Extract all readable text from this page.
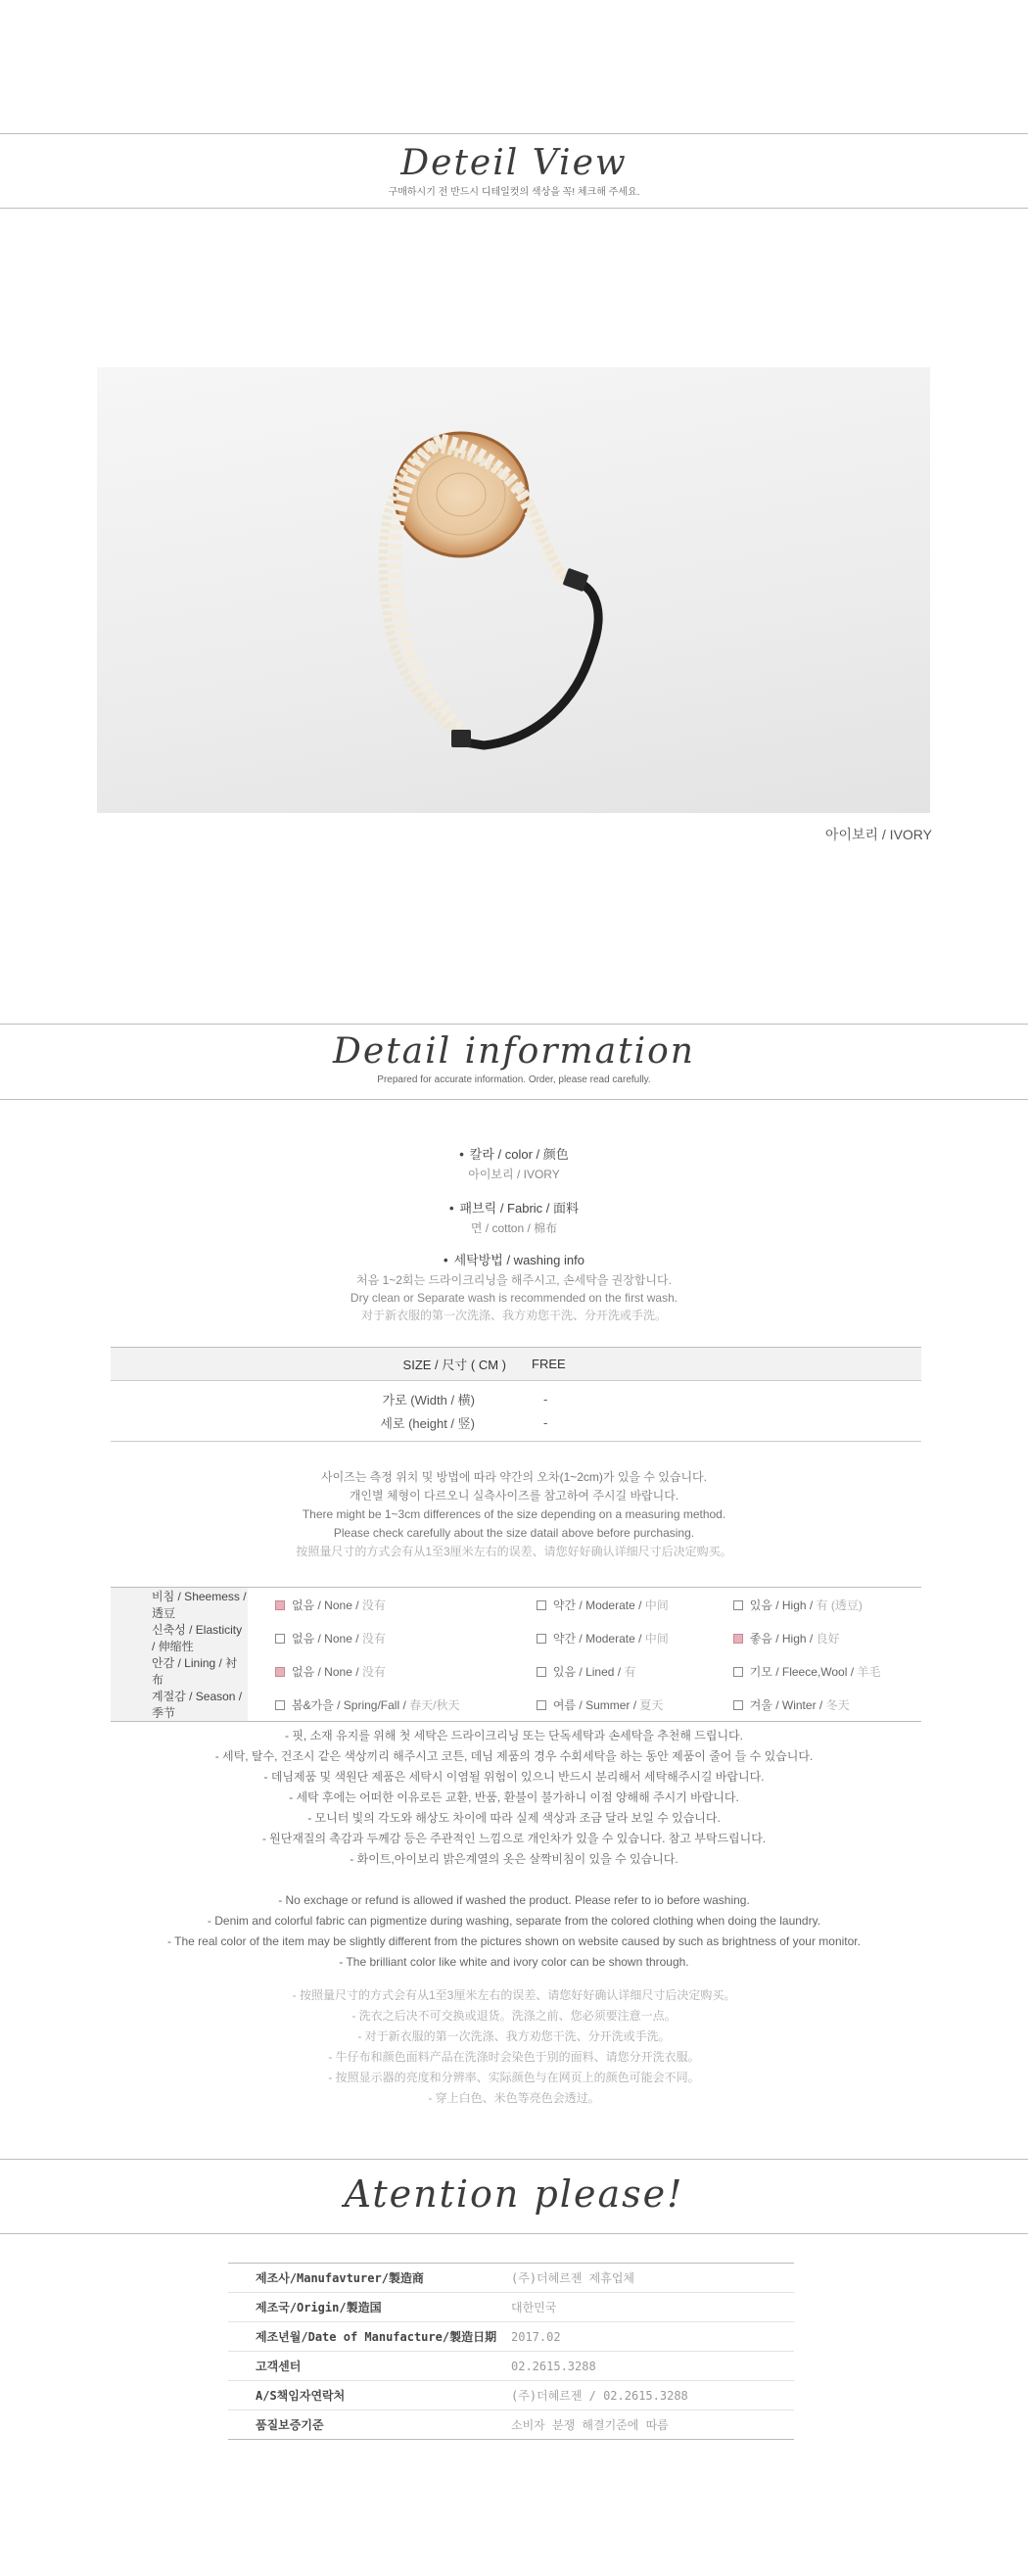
Deteil View
구매하시기 전 반드시 디테일컷의 색상을 꼭! 체크해 주세요.
아이보리 / IVORY
Detail information
Prepared for accurate information. Order, please read carefully.
• 칼라 / color / 颜色
아이보리 / IVORY
• 패브릭 / Fabric / 面料
면 / cotton / 棉布
• 세탁방법 / washing info
처음 1~2회는 드라이크리닝을 해주시고, 손세탁을 권장합니다.
Dry clean or Separate wash is recommended on the first wash.
对于新衣服的第一次洗涤、我方劝您干洗、分开洗或手洗。
SIZE / 尺寸 ( CM )	FREE
가로 (Width / 横)	-
세로 (height / 竖)	-
사이즈는 측정 위치 및 방법에 따라 약간의 오차(1~2cm)가 있을 수 있습니다.
개인별 체형이 다르오니 실측사이즈를 참고하여 주시길 바랍니다.
There might be 1~3cm differences of the size depending on a measuring method.
Please check carefully about the size datail above before purchasing.
按照量尺寸的方式会有从1至3厘米左右的误差、请您好好确认详细尺寸后决定购买。
비침 / Sheemess / 透豆	없음 / None / 没有	약간 / Moderate / 中间	있음 / High / 有 (透豆)
신축성 / Elasticity / 伸缩性	없음 / None / 没有	약간 / Moderate / 中间	좋음 / High / 良好
안감 / Lining / 衬布	없음 / None / 没有	있음 / Lined / 有	기모 / Fleece,Wool / 羊毛
계절감 / Season / 季节	봄&가을 / Spring/Fall / 春天/秋天	여름 / Summer / 夏天	겨울 / Winter / 冬天
- 핏, 소재 유지를 위해 첫 세탁은 드라이크리닝 또는 단독세탁과 손세탁을 추천해 드립니다.
- 세탁, 탈수, 건조시 같은 색상끼리 해주시고 코튼, 데님 제품의 경우 수회세탁을 하는 동안 제품이 줄어 들 수 있습니다.
- 데님제품 및 색원단 제품은 세탁시 이염될 위험이 있으니 반드시 분리해서 세탁해주시길 바랍니다.
- 세탁 후에는 어떠한 이유로든 교환, 반품, 환불이 불가하니 이점 양해해 주시기 바랍니다.
- 모니터 빛의 각도와 해상도 차이에 따라 실제 색상과 조금 달라 보일 수 있습니다.
- 원단재질의 촉감과 두께감 등은 주관적인 느낌으로 개인차가 있을 수 있습니다. 참고 부탁드립니다.
- 화이트,아이보리 밝은계열의 옷은 살짝비침이 있을 수 있습니다.
- No exchage or refund is allowed if washed the product. Please refer to io before washing.
- Denim and colorful fabric can pigmentize during washing, separate from the colored clothing when doing the laundry.
- The real color of the item may be slightly different from the pictures shown on website caused by such as brightness of your monitor.
- The brilliant color like white and ivory color can be shown through.
- 按照量尺寸的方式会有从1至3厘米左右的误差、请您好好确认详细尺寸后决定购买。
- 洗衣之后决不可交换或退货。洗涤之前、您必须要注意一点。
- 对于新衣服的第一次洗涤、我方劝您干洗、分开洗或手洗。
- 牛仔布和颜色面料产品在洗涤时会染色于别的面料、请您分开洗衣服。
- 按照显示器的亮度和分辨率、实际颜色与在网页上的颜色可能会不同。
- 穿上白色、米色等亮色会透过。
Atention please!
제조사/Manufavturer/製造商	(주)더혜르젠 제휴업체
제조국/Origin/製造国	대한민국
제조년월/Date of Manufacture/製造日期	2017.02
고객센터	02.2615.3288
A/S책임자연락처	(주)더혜르젠 / 02.2615.3288
품질보증기준	소비자 분쟁 해결기준에 따름
